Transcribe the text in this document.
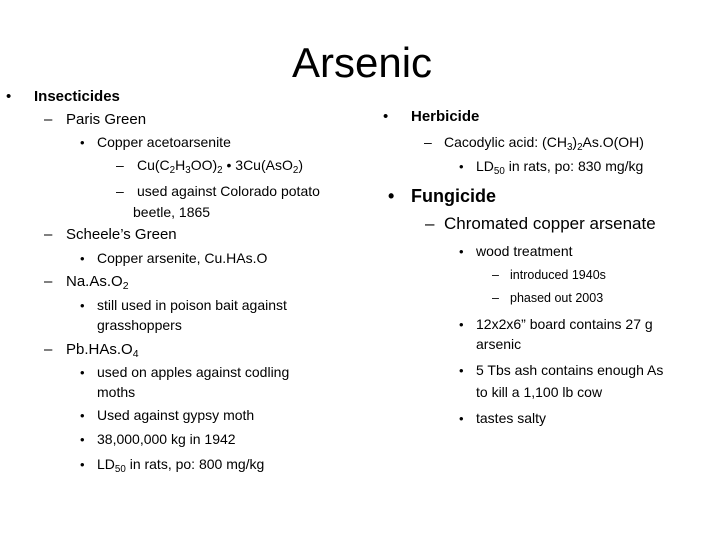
Arsenic
• Insecticides
– Paris Green
• Copper acetoarsenite
– $Cu(C_2H_3OO)_2$ • 3Cu(AsO$_2$)
– used against Colorado potato
beetle, 1865
– Scheele’s Green
• Copper arsenite, Cu.HAs.O
– $Na.As.O_2$
• still used in poison bait against
grasshoppers
– $Pb.HAs.O_4$
• used on apples against codling
moths
• Used against gypsy moth
• 38,000,000 kg in 1942
• $LD_{50}$ in rats, po: 800 mg/kg
• Herbicide
– Cacodylic acid: $(CH_3)_2As.O(OH)$
• $LD_{50}$ in rats, po: 830 mg/kg
• Fungicide
– Chromated copper arsenate
• wood treatment
– introduced 1940s
– phased out 2003
• 12x2x6” board contains 27 g
arsenic
• 5 Tbs ash contains enough As
to kill a 1,100 lb cow
• tastes salty
